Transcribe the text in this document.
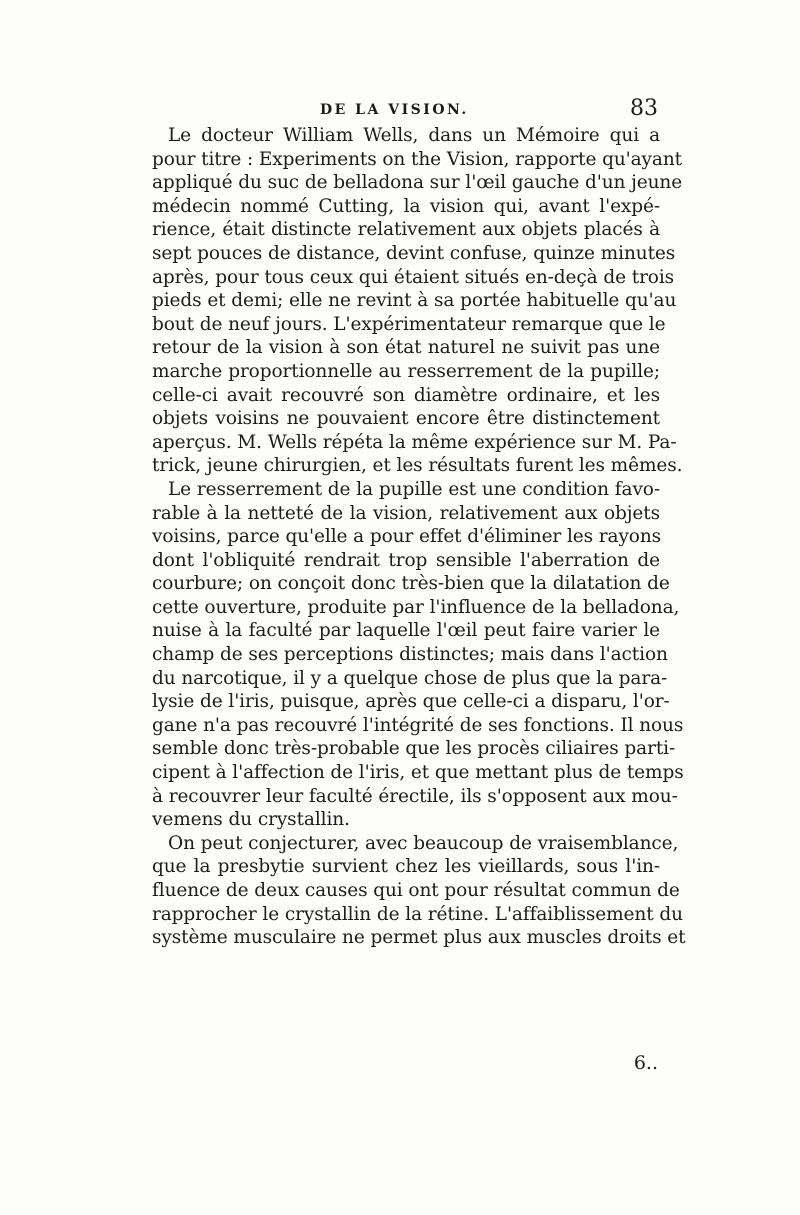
DE LA VISION.	83
Le docteur William Wells, dans un Mémoire qui a
pour titre : Experiments on the Vision, rapporte qu'ayant
appliqué du suc de belladona sur l'œil gauche d'un jeune
médecin nommé Cutting, la vision qui, avant l'expé-
rience, était distincte relativement aux objets placés à
sept pouces de distance, devint confuse, quinze minutes
après, pour tous ceux qui étaient situés en-deçà de trois
pieds et demi; elle ne revint à sa portée habituelle qu'au
bout de neuf jours. L'expérimentateur remarque que le
retour de la vision à son état naturel ne suivit pas une
marche proportionnelle au resserrement de la pupille;
celle-ci avait recouvré son diamètre ordinaire, et les
objets voisins ne pouvaient encore être distinctement
aperçus. M. Wells répéta la même expérience sur M. Pa-
trick, jeune chirurgien, et les résultats furent les mêmes.
Le resserrement de la pupille est une condition favo-
rable à la netteté de la vision, relativement aux objets
voisins, parce qu'elle a pour effet d'éliminer les rayons
dont l'obliquité rendrait trop sensible l'aberration de
courbure; on conçoit donc très-bien que la dilatation de
cette ouverture, produite par l'influence de la belladona,
nuise à la faculté par laquelle l'œil peut faire varier le
champ de ses perceptions distinctes; mais dans l'action
du narcotique, il y a quelque chose de plus que la para-
lysie de l'iris, puisque, après que celle-ci a disparu, l'or-
gane n'a pas recouvré l'intégrité de ses fonctions. Il nous
semble donc très-probable que les procès ciliaires parti-
cipent à l'affection de l'iris, et que mettant plus de temps
à recouvrer leur faculté érectile, ils s'opposent aux mou-
vemens du crystallin.
On peut conjecturer, avec beaucoup de vraisemblance,
que la presbytie survient chez les vieillards, sous l'in-
fluence de deux causes qui ont pour résultat commun de
rapprocher le crystallin de la rétine. L'affaiblissement du
système musculaire ne permet plus aux muscles droits et
6..
